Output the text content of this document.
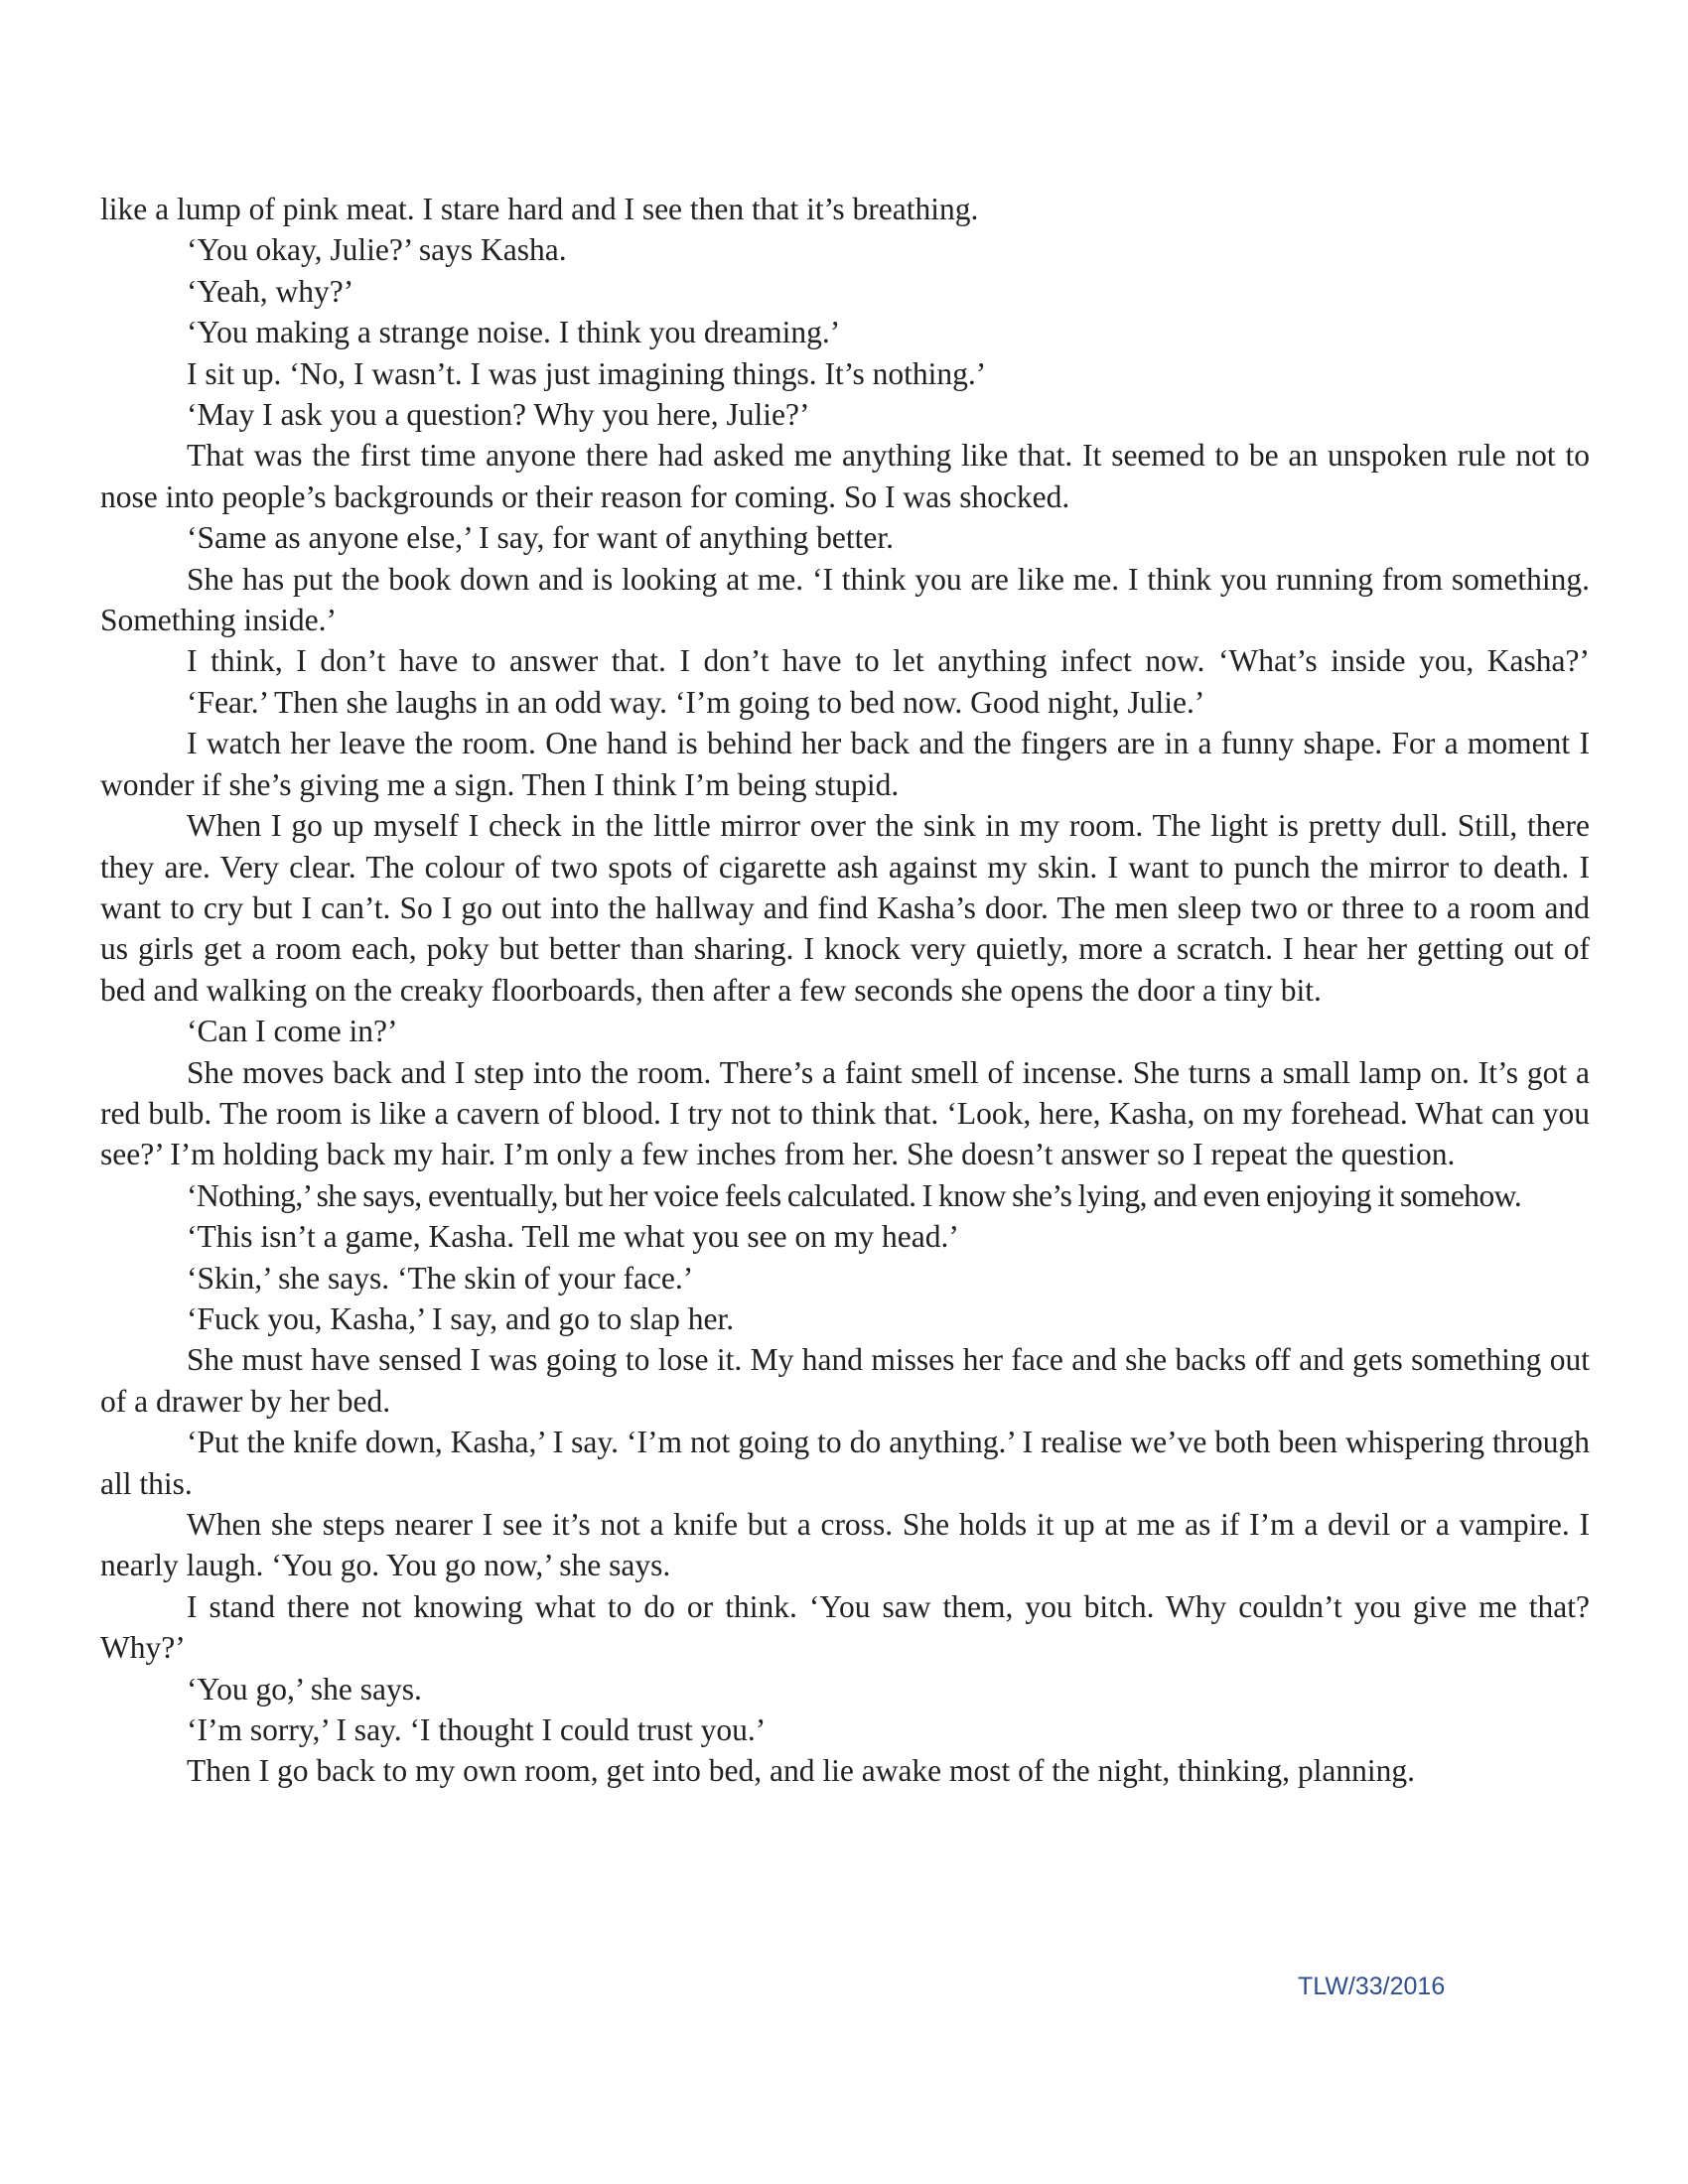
like a lump of pink meat. I stare hard and I see then that it’s breathing.

‘You okay, Julie?’ says Kasha.

‘Yeah, why?’

‘You making a strange noise. I think you dreaming.’

I sit up. ‘No, I wasn’t. I was just imagining things. It’s nothing.’

‘May I ask you a question? Why you here, Julie?’

That was the first time anyone there had asked me anything like that. It seemed to be an unspoken rule not to nose into people’s backgrounds or their reason for coming. So I was shocked.

‘Same as anyone else,’ I say, for want of anything better.

She has put the book down and is looking at me. ‘I think you are like me. I think you running from something. Something inside.’

I think, I don’t have to answer that. I don’t have to let anything infect now. ‘What’s inside you, Kasha?’

‘Fear.’ Then she laughs in an odd way. ‘I’m going to bed now. Good night, Julie.’

I watch her leave the room. One hand is behind her back and the fingers are in a funny shape. For a moment I wonder if she’s giving me a sign. Then I think I’m being stupid.

When I go up myself I check in the little mirror over the sink in my room. The light is pretty dull. Still, there they are. Very clear. The colour of two spots of cigarette ash against my skin. I want to punch the mirror to death. I want to cry but I can’t. So I go out into the hallway and find Kasha’s door. The men sleep two or three to a room and us girls get a room each, poky but better than sharing. I knock very quietly, more a scratch. I hear her getting out of bed and walking on the creaky floorboards, then after a few seconds she opens the door a tiny bit.

‘Can I come in?’

She moves back and I step into the room. There’s a faint smell of incense. She turns a small lamp on. It’s got a red bulb. The room is like a cavern of blood. I try not to think that. ‘Look, here, Kasha, on my forehead. What can you see?’ I’m holding back my hair. I’m only a few inches from her. She doesn’t answer so I repeat the question.

‘Nothing,’ she says, eventually, but her voice feels calculated. I know she’s lying, and even enjoying it somehow.

‘This isn’t a game, Kasha. Tell me what you see on my head.’

‘Skin,’ she says. ‘The skin of your face.’

‘Fuck you, Kasha,’ I say, and go to slap her.

She must have sensed I was going to lose it. My hand misses her face and she backs off and gets something out of a drawer by her bed.

‘Put the knife down, Kasha,’ I say. ‘I’m not going to do anything.’ I realise we’ve both been whispering through all this.

When she steps nearer I see it’s not a knife but a cross. She holds it up at me as if I’m a devil or a vampire. I nearly laugh. ‘You go. You go now,’ she says.

I stand there not knowing what to do or think. ‘You saw them, you bitch. Why couldn’t you give me that? Why?’

‘You go,’ she says.

‘I’m sorry,’ I say. ‘I thought I could trust you.’

Then I go back to my own room, get into bed, and lie awake most of the night, thinking, planning.

TLW/33/2016
